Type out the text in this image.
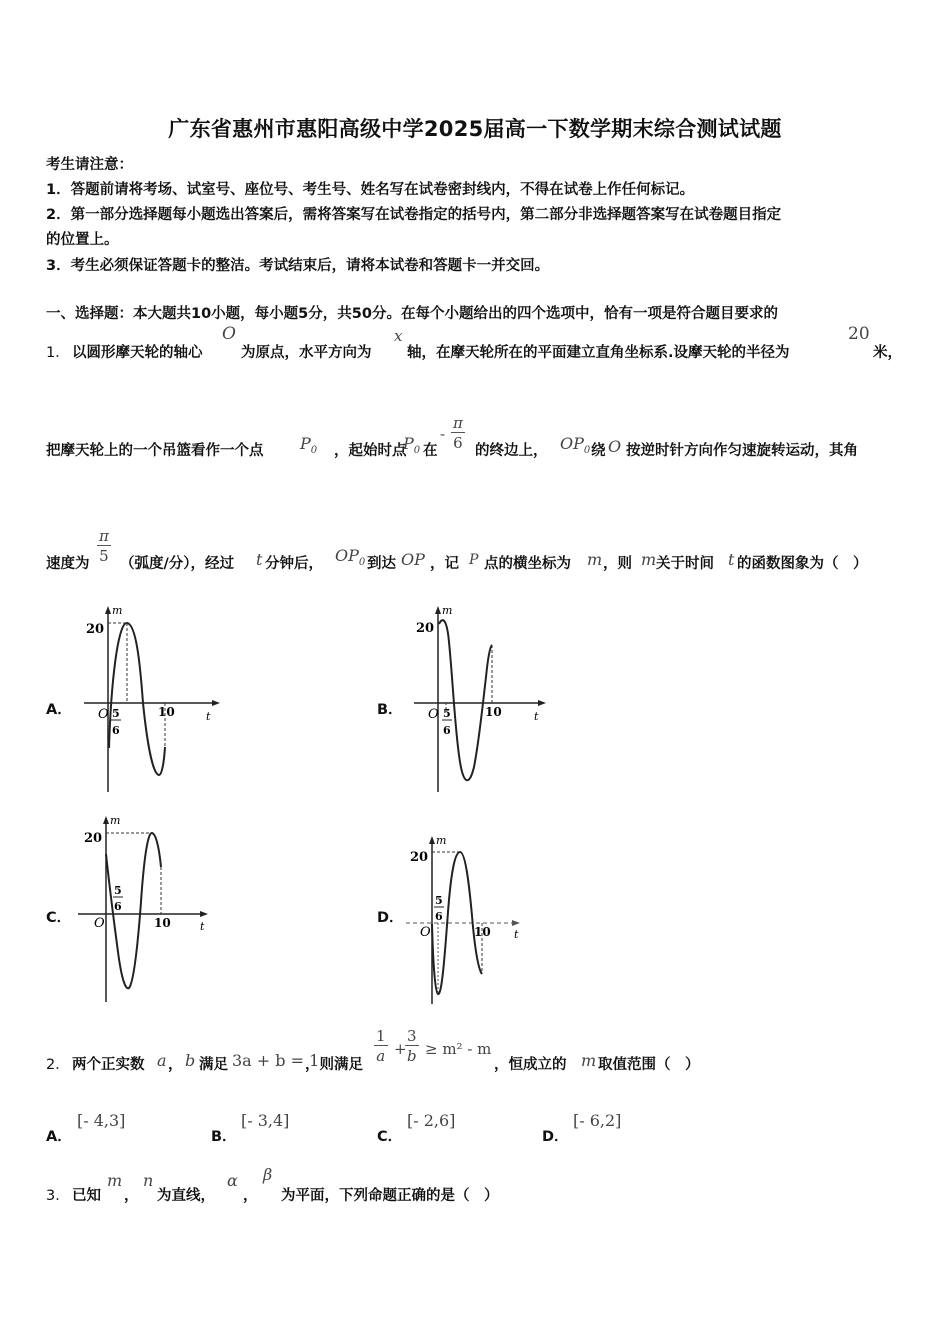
广东省惠州市惠阳高级中学2025届高一下数学期末综合测试试题
考生请注意：
1．答题前请将考场、试室号、座位号、考生号、姓名写在试卷密封线内，不得在试卷上作任何标记。
2．第一部分选择题每小题选出答案后，需将答案写在试卷指定的括号内，第二部分非选择题答案写在试卷题目指定
的位置上。
3．考生必须保证答题卡的整洁。考试结束后，请将本试卷和答题卡一并交回。
一、选择题：本大题共10小题，每小题5分，共50分。在每个小题给出的四个选项中，恰有一项是符合题目要求的
1． 以圆形摩天轮的轴心
O
为原点，水平方向为
x
轴，在摩天轮所在的平面建立直角坐标系.设摩天轮的半径为
20
米，
把摩天轮上的一个吊篮看作一个点 $P_0$ ，起始时点
$P_0$ 在
- $\frac{\pi}{6}$ 的终边上， $OP_0$ 绕 O 按逆时针方向作匀速旋转运动，其角
速度为 $\frac{\pi}{5}$ （弧度/分），经过 t 分钟后， $OP_0$ 到达 OP ，记 P 点的横坐标为 m ，则 m 关于时间 t 的函数图象为（　）
A．	B．
C．	D．
m
20
O 5
6
10	t
m
20
O 5
6
10	t
m
20
O
5
6
10	t
m
20
O
5
6
10 t
2． 两个正实数 a ， b 满足 3a + b = 1
，则满足 $\frac{1}{a}$ +
$\frac{3}{b} \ge m^2 - m$
，恒成立的 m 取值范围（　）
A．
[- 4,3]
B．
[- 3,4]
C．
[- 2,6]
D．
[- 6,2]
3． 已知
m
，
n
为直线，
α
，
β
为平面，下列命题正确的是（　）
